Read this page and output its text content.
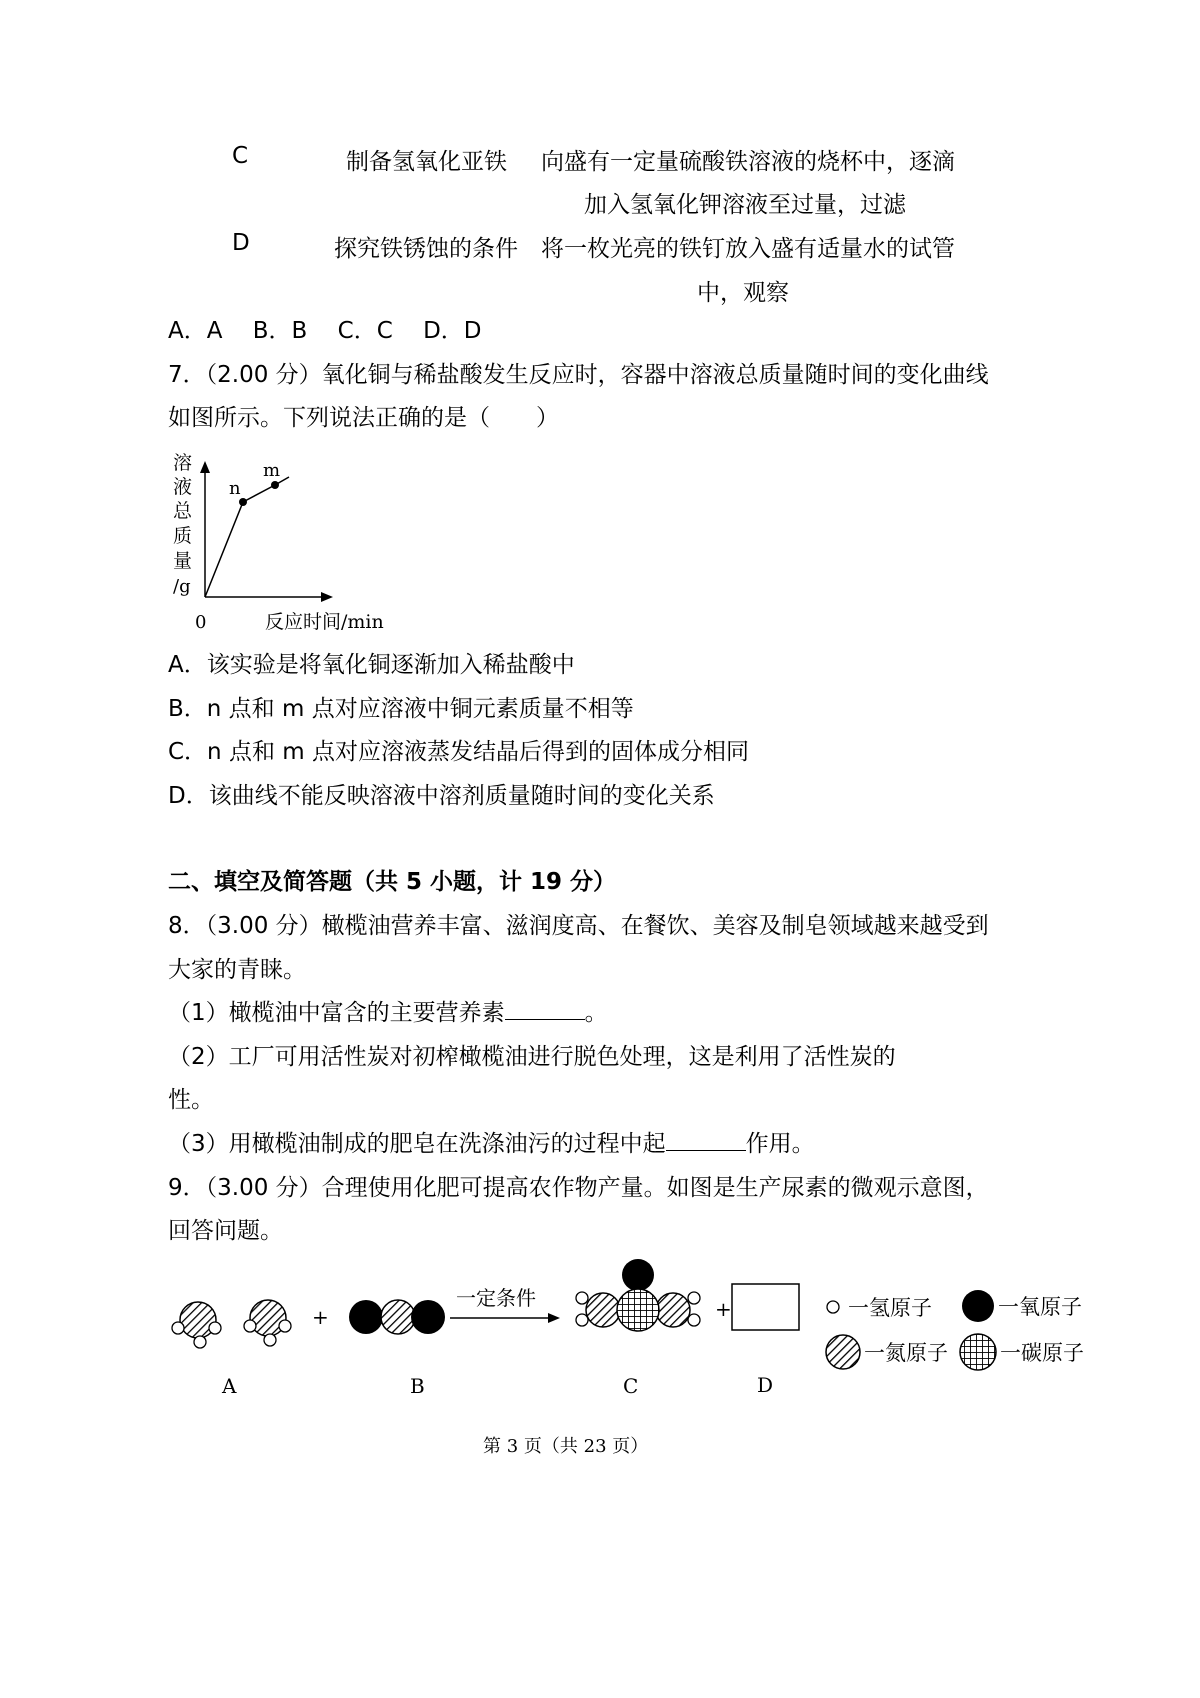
C	制备氢氧化亚铁 向盛有一定量硫酸铁溶液的烧杯中，逐滴
加入氢氧化钾溶液至过量，过滤
D	探究铁锈蚀的条件 将一枚光亮的铁钉放入盛有适量水的试管
中，观察
A．A　 B．B　 C．C　 D．D
7．（2.00 分）氧化铜与稀盐酸发生反应时，容器中溶液总质量随时间的变化曲线
如图所示。下列说法正确的是（　　）
溶
液
总
质
量
/g
n
m
0	反应时间/min
A．该实验是将氧化铜逐渐加入稀盐酸中
B．n 点和 m 点对应溶液中铜元素质量不相等
C．n 点和 m 点对应溶液蒸发结晶后得到的固体成分相同
D．该曲线不能反映溶液中溶剂质量随时间的变化关系
二、填空及简答题（共 5 小题，计 19 分）
8．（3.00 分）橄榄油营养丰富、滋润度高、在餐饮、美容及制皂领域越来越受到
大家的青睐。
（1）橄榄油中富含的主要营养素	。
（2）工厂可用活性炭对初榨橄榄油进行脱色处理，这是利用了活性炭的
性。
（3）用橄榄油制成的肥皂在洗涤油污的过程中起	作用。
9．（3.00 分）合理使用化肥可提高农作物产量。如图是生产尿素的微观示意图，
回答问题。
+
一定条件	+
A	B	C	D
一氢原子	一氧原子
一氮原子 一碳原子
第 3 页（共 23 页）
